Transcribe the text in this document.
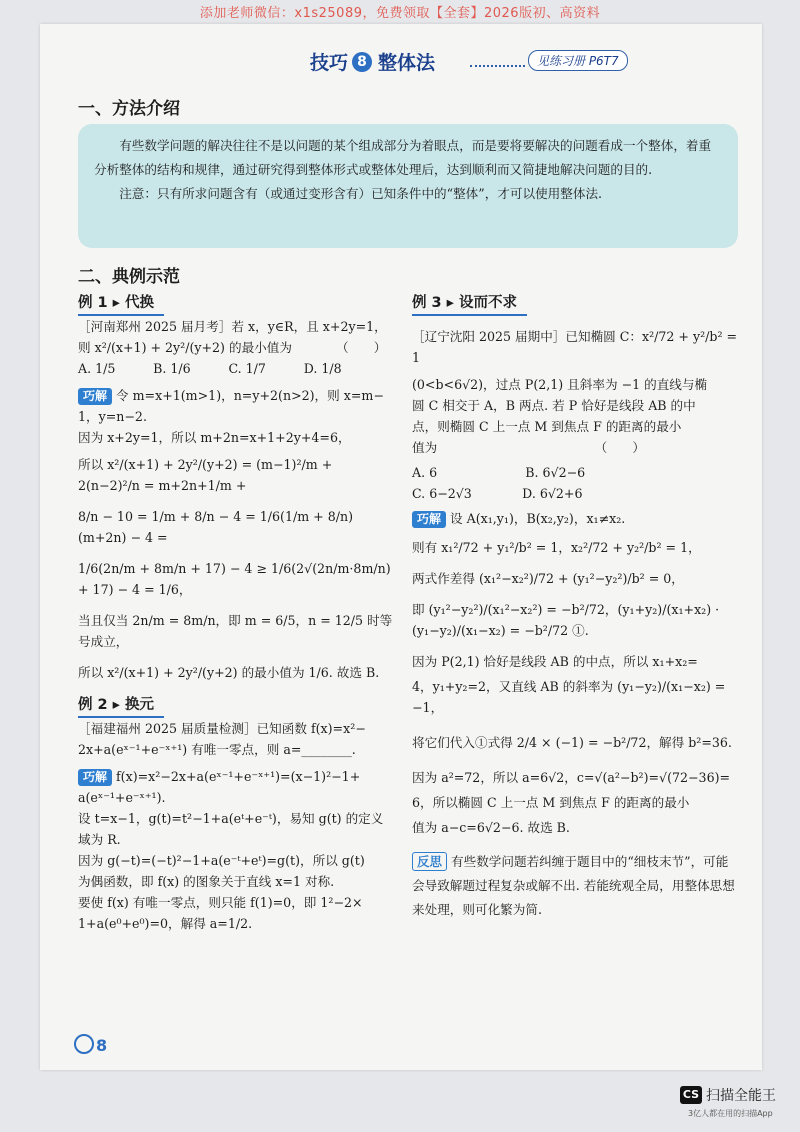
添加老师微信：x1s25089，免费领取【全套】2026版初、高资料
技巧 8 整体法	见练习册 P6T7
一、方法介绍

有些数学问题的解决往往不是以问题的某个组成部分为着眼点，而是要将要解决的问题看成一个整体，着重分析整体的结构和规律，通过研究得到整体形式或整体处理后，达到顺利而又简捷地解决问题的目的.

注意：只有所求问题含有（或通过变形含有）已知条件中的“整体”，才可以使用整体法.

二、典例示范
例 1 ▸ 代换

［河南郑州 2025 届月考］若 x，y∈R，且 x+2y=1，

则 x²/(x+1) + 2y²/(y+2) 的最小值为　　　　（　　）

A. 1/5　　　B. 1/6　　　C. 1/7　　　D. 1/8

巧解 令 m=x+1(m>1)，n=y+2(n>2)，则 x=m−

1，y=n−2.

因为 x+2y=1，所以 m+2n=x+1+2y+4=6，

所以 x²/(x+1) + 2y²/(y+2) = (m−1)²/m + 2(n−2)²/n = m+2n+1/m +

8/n − 10 = 1/m + 8/n − 4 = 1/6(1/m + 8/n)(m+2n) − 4 =

1/6(2n/m + 8m/n + 17) − 4 ≥ 1/6(2√(2n/m·8m/n) + 17) − 4 = 1/6，

当且仅当 2n/m = 8m/n，即 m = 6/5，n = 12/5 时等号成立，

所以 x²/(x+1) + 2y²/(y+2) 的最小值为 1/6. 故选 B.

例 2 ▸ 换元

［福建福州 2025 届质量检测］已知函数 f(x)=x²−

2x+a(eˣ⁻¹+e⁻ˣ⁺¹) 有唯一零点，则 a=________.

巧解 f(x)=x²−2x+a(eˣ⁻¹+e⁻ˣ⁺¹)=(x−1)²−1+

a(eˣ⁻¹+e⁻ˣ⁺¹).

设 t=x−1，g(t)=t²−1+a(eᵗ+e⁻ᵗ)，易知 g(t) 的定义

域为 R.

因为 g(−t)=(−t)²−1+a(e⁻ᵗ+eᵗ)=g(t)，所以 g(t)

为偶函数，即 f(x) 的图象关于直线 x=1 对称.

要使 f(x) 有唯一零点，则只能 f(1)=0，即 1²−2×

1+a(e⁰+e⁰)=0，解得 a=1/2.

例 3 ▸ 设而不求

［辽宁沈阳 2025 届期中］已知椭圆 C：x²/72 + y²/b² = 1

(0<b<6√2)，过点 P(2,1) 且斜率为 −1 的直线与椭

圆 C 相交于 A，B 两点. 若 P 恰好是线段 AB 的中

点，则椭圆 C 上一点 M 到焦点 F 的距离的最小

值为　　　　　　　　　　　　　（　　）

A. 6　　　　　　　B. 6√2−6

C. 6−2√3　　　　D. 6√2+6

巧解 设 A(x₁,y₁)，B(x₂,y₂)，x₁≠x₂.

则有 x₁²/72 + y₁²/b² = 1，x₂²/72 + y₂²/b² = 1，

两式作差得 (x₁²−x₂²)/72 + (y₁²−y₂²)/b² = 0，

即 (y₁²−y₂²)/(x₁²−x₂²) = −b²/72，(y₁+y₂)/(x₁+x₂) · (y₁−y₂)/(x₁−x₂) = −b²/72 ①.

因为 P(2,1) 恰好是线段 AB 的中点，所以 x₁+x₂=

4，y₁+y₂=2，又直线 AB 的斜率为 (y₁−y₂)/(x₁−x₂) = −1，

将它们代入①式得 2/4 × (−1) = −b²/72，解得 b²=36.

因为 a²=72，所以 a=6√2，c=√(a²−b²)=√(72−36)=

6，所以椭圆 C 上一点 M 到焦点 F 的距离的最小

值为 a−c=6√2−6. 故选 B.

反思 有些数学问题若纠缠于题目中的“细枝末节”，可能会导致解题过程复杂或解不出. 若能统观全局，用整体思想来处理，则可化繁为简.

8
CS 扫描全能王
3亿人都在用的扫描App
